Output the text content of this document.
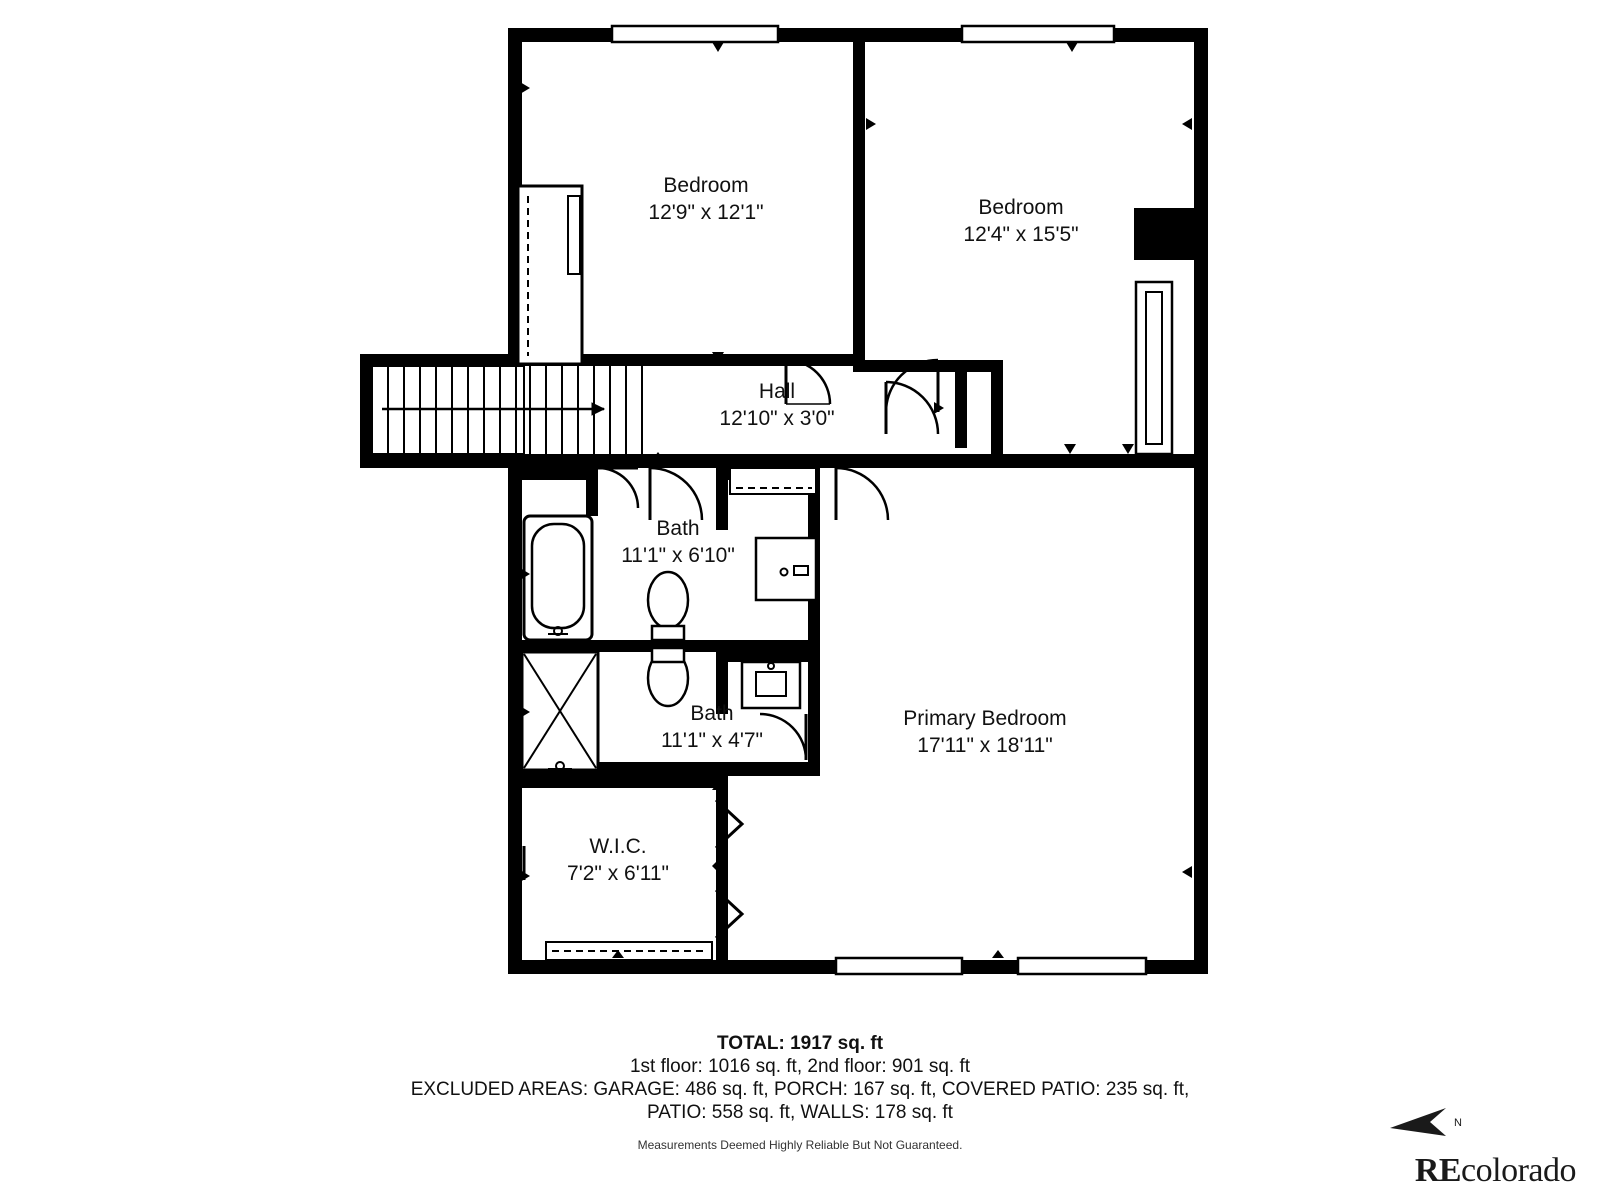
Bedroom
12'9" x 12'1"	Bedroom
12'4" x 15'5"
Hall
12'10" x 3'0"
Bath
11'1" x 6'10"
Bath
11'1" x 4'7"
Primary Bedroom
17'11" x 18'11"
W.I.C.
7'2" x 6'11"
TOTAL: 1917 sq. ft
1st floor: 1016 sq. ft, 2nd floor: 901 sq. ft
EXCLUDED AREAS: GARAGE: 486 sq. ft, PORCH: 167 sq. ft, COVERED PATIO: 235 sq. ft,
PATIO: 558 sq. ft, WALLS: 178 sq. ft
Measurements Deemed Highly Reliable But Not Guaranteed.
N
REcolorado
